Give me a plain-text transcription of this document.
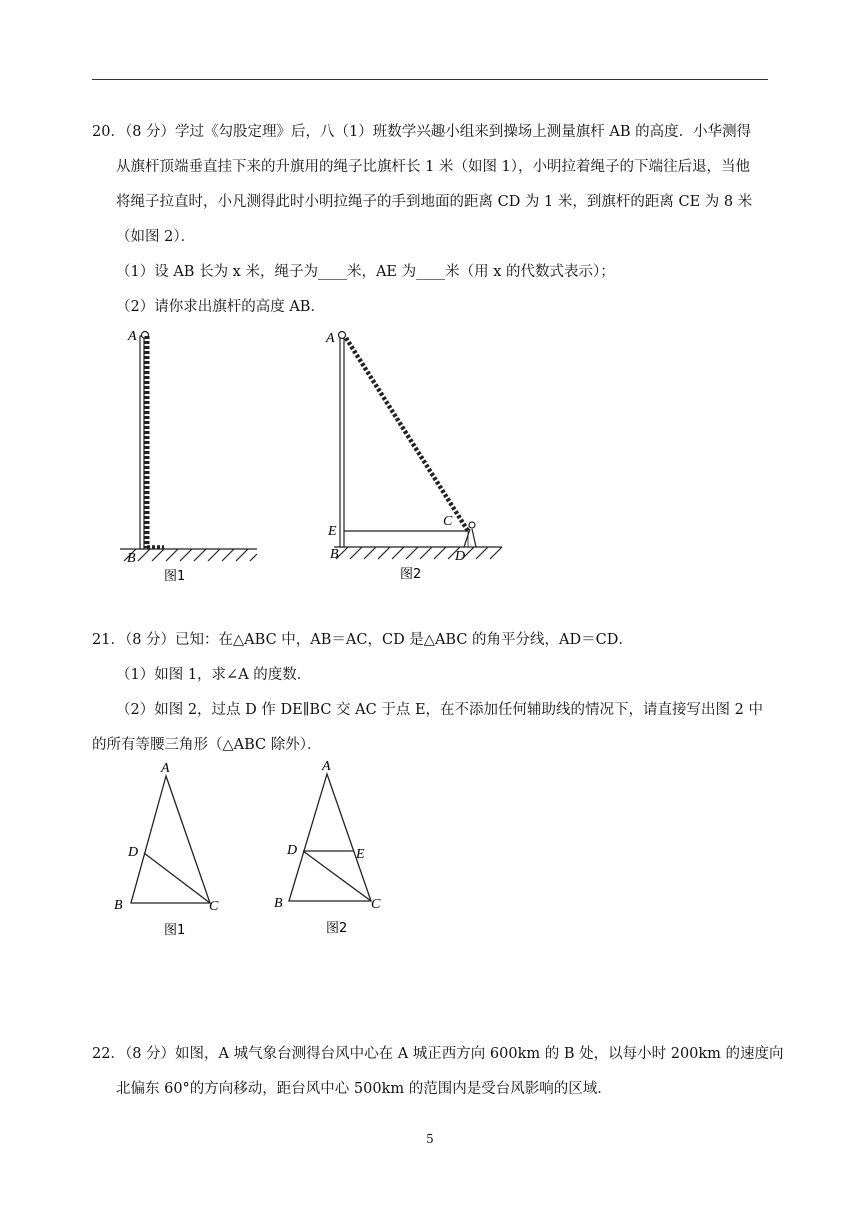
20．（8 分）学过《勾股定理》后，八（1）班数学兴趣小组来到操场上测量旗杆 AB 的高度．小华测得
从旗杆顶端垂直挂下来的升旗用的绳子比旗杆长 1 米（如图 1），小明拉着绳子的下端往后退，当他
将绳子拉直时，小凡测得此时小明拉绳子的手到地面的距离 CD 为 1 米，到旗杆的距离 CE 为 8 米
（如图 2）．
（1）设 AB 长为 x 米，绳子为____米，AE 为____米（用 x 的代数式表示）；
（2）请你求出旗杆的高度 AB．
A
B
图1
A
E
B
C
D
图2
21．（8 分）已知：在△ABC 中，AB＝AC，CD 是△ABC 的角平分线，AD＝CD．
（1）如图 1，求∠A 的度数．
（2）如图 2，过点 D 作 DE∥BC 交 AC 于点 E，在不添加任何辅助线的情况下，请直接写出图 2 中
的所有等腰三角形（△ABC 除外）．
A
D
B	C
图1
A
D	E
B	C
图2
22．（8 分）如图，A 城气象台测得台风中心在 A 城正西方向 600km 的 B 处，以每小时 200km 的速度向
北偏东 60°的方向移动，距台风中心 500km 的范围内是受台风影响的区域．
5
